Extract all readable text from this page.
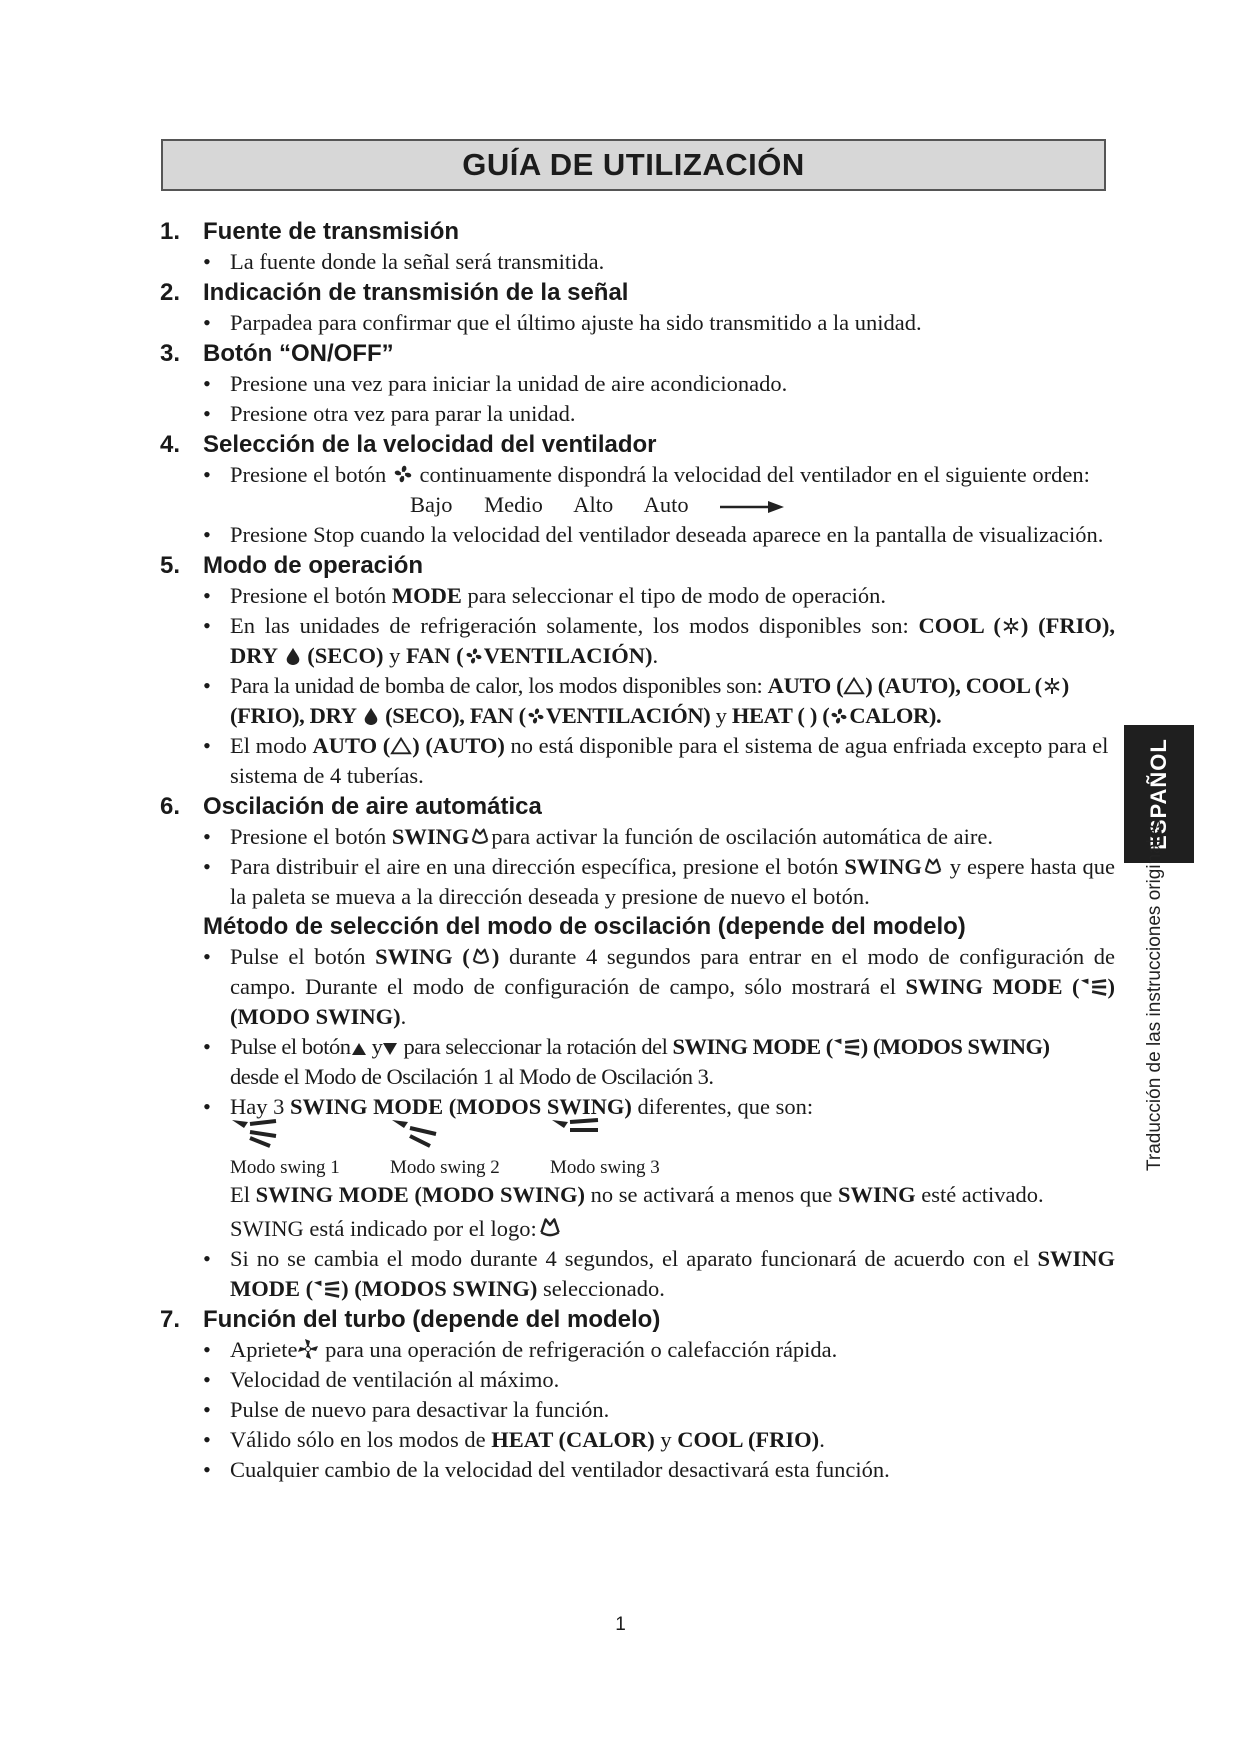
GUÍA DE UTILIZACIÓN
1. Fuente de transmisión
• La fuente donde la señal será transmitida.
2. Indicación de transmisión de la señal
• Parpadea para confirmar que el último ajuste ha sido transmitido a la unidad.
3. Botón “ON/OFF”
• Presione una vez para iniciar la unidad de aire acondicionado.
• Presione otra vez para parar la unidad.
4. Selección de la velocidad del ventilador
• Presione el botón continuamente dispondrá la velocidad del ventilador en el siguiente orden:
Bajo Medio Alto Auto
• Presione Stop cuando la velocidad del ventilador deseada aparece en la pantalla de visualización.
5. Modo de operación
• Presione el botón MODE para seleccionar el tipo de modo de operación.
• En las unidades de refrigeración solamente, los modos disponibles son: COOL ( ) (FRIO), DRY (SECO) y FAN ( VENTILACIÓN).
• Para la unidad de bomba de calor, los modos disponibles son: AUTO ( ) (AUTO), COOL ( )
(FRIO), DRY (SECO), FAN ( VENTILACIÓN) y HEAT ( ) ( CALOR).
• El modo AUTO ( ) (AUTO) no está disponible para el sistema de agua enfriada excepto para el sistema de 4 tuberías.
6. Oscilación de aire automática
• Presione el botón SWING para activar la función de oscilación automática de aire.
• Para distribuir el aire en una dirección específica, presione el botón SWING y espere hasta que la paleta se mueva a la dirección deseada y presione de nuevo el botón.
Método de selección del modo de oscilación (depende del modelo)
• Pulse el botón SWING ( ) durante 4 segundos para entrar en el modo de configuración de campo. Durante el modo de configuración de campo, sólo mostrará el SWING MODE ( ) (MODO SWING).
• Pulse el botón y para seleccionar la rotación del SWING MODE ( ) (MODOS SWING)
desde el Modo de Oscilación 1 al Modo de Oscilación 3.
• Hay 3 SWING MODE (MODOS SWING) diferentes, que son:
Modo swing 1	Modo swing 2	Modo swing 3
El SWING MODE (MODO SWING) no se activará a menos que SWING esté activado.
SWING está indicado por el logo:
• Si no se cambia el modo durante 4 segundos, el aparato funcionará de acuerdo con el SWING MODE ( ) (MODOS SWING) seleccionado.
7. Función del turbo (depende del modelo)
• Apriete para una operación de refrigeración o calefacción rápida.
• Velocidad de ventilación al máximo.
• Pulse de nuevo para desactivar la función.
• Válido sólo en los modos de HEAT (CALOR) y COOL (FRIO).
• Cualquier cambio de la velocidad del ventilador desactivará esta función.
ESPAÑOL
Traducción de las instrucciones originales
1
